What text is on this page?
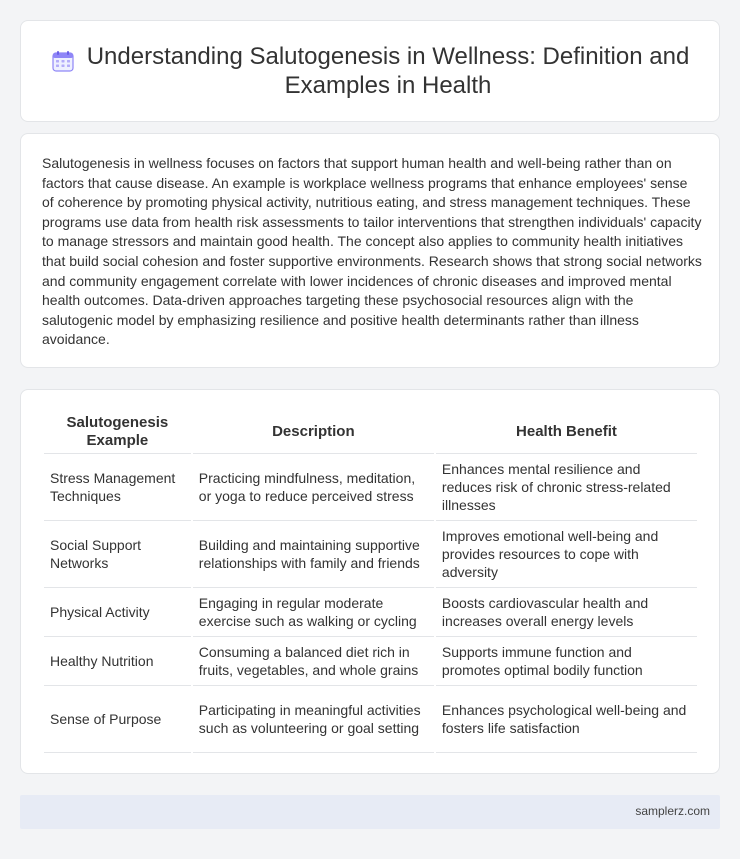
Understanding Salutogenesis in Wellness: Definition and Examples in Health

Salutogenesis in wellness focuses on factors that support human health and well-being rather than on factors that cause disease. An example is workplace wellness programs that enhance employees' sense of coherence by promoting physical activity, nutritious eating, and stress management techniques. These programs use data from health risk assessments to tailor interventions that strengthen individuals' capacity to manage stressors and maintain good health. The concept also applies to community health initiatives that build social cohesion and foster supportive environments. Research shows that strong social networks and community engagement correlate with lower incidences of chronic diseases and improved mental health outcomes. Data-driven approaches targeting these psychosocial resources align with the salutogenic model by emphasizing resilience and positive health determinants rather than illness avoidance.

Salutogenesis Example	Description	Health Benefit
Stress Management Techniques	Practicing mindfulness, meditation, or yoga to reduce perceived stress	Enhances mental resilience and reduces risk of chronic stress-related illnesses
Social Support Networks	Building and maintaining supportive relationships with family and friends	Improves emotional well-being and provides resources to cope with adversity
Physical Activity	Engaging in regular moderate exercise such as walking or cycling	Boosts cardiovascular health and increases overall energy levels
Healthy Nutrition	Consuming a balanced diet rich in fruits, vegetables, and whole grains	Supports immune function and promotes optimal bodily function
Sense of Purpose	Participating in meaningful activities such as volunteering or goal setting	Enhances psychological well-being and fosters life satisfaction
samplerz.com
